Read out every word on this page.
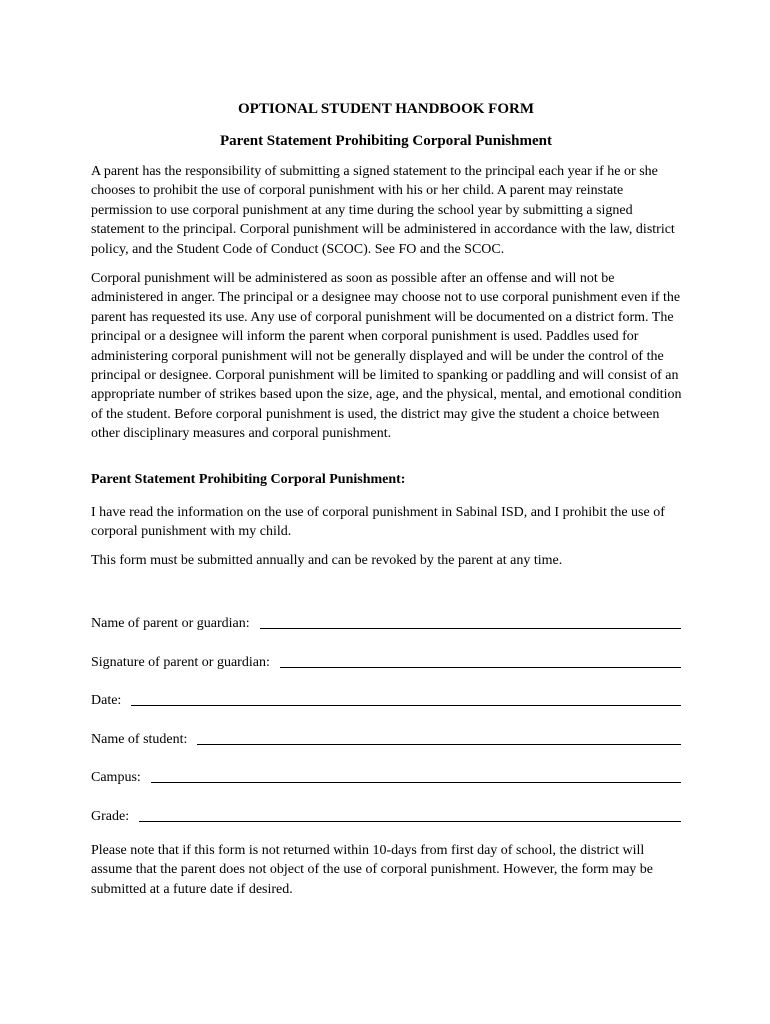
OPTIONAL STUDENT HANDBOOK FORM
Parent Statement Prohibiting Corporal Punishment

A parent has the responsibility of submitting a signed statement to the principal each year if he or she chooses to prohibit the use of corporal punishment with his or her child. A parent may reinstate permission to use corporal punishment at any time during the school year by submitting a signed statement to the principal. Corporal punishment will be administered in accordance with the law, district policy, and the Student Code of Conduct (SCOC). See FO and the SCOC.

Corporal punishment will be administered as soon as possible after an offense and will not be administered in anger. The principal or a designee may choose not to use corporal punishment even if the parent has requested its use. Any use of corporal punishment will be documented on a district form. The principal or a designee will inform the parent when corporal punishment is used. Paddles used for administering corporal punishment will not be generally displayed and will be under the control of the principal or designee. Corporal punishment will be limited to spanking or paddling and will consist of an appropriate number of strikes based upon the size, age, and the physical, mental, and emotional condition of the student. Before corporal punishment is used, the district may give the student a choice between other disciplinary measures and corporal punishment.

Parent Statement Prohibiting Corporal Punishment:

I have read the information on the use of corporal punishment in Sabinal ISD, and I prohibit the use of corporal punishment with my child.

This form must be submitted annually and can be revoked by the parent at any time.

Name of parent or guardian:
Signature of parent or guardian:
Date:
Name of student:
Campus:
Grade:

Please note that if this form is not returned within 10-days from first day of school, the district will assume that the parent does not object of the use of corporal punishment. However, the form may be submitted at a future date if desired.
